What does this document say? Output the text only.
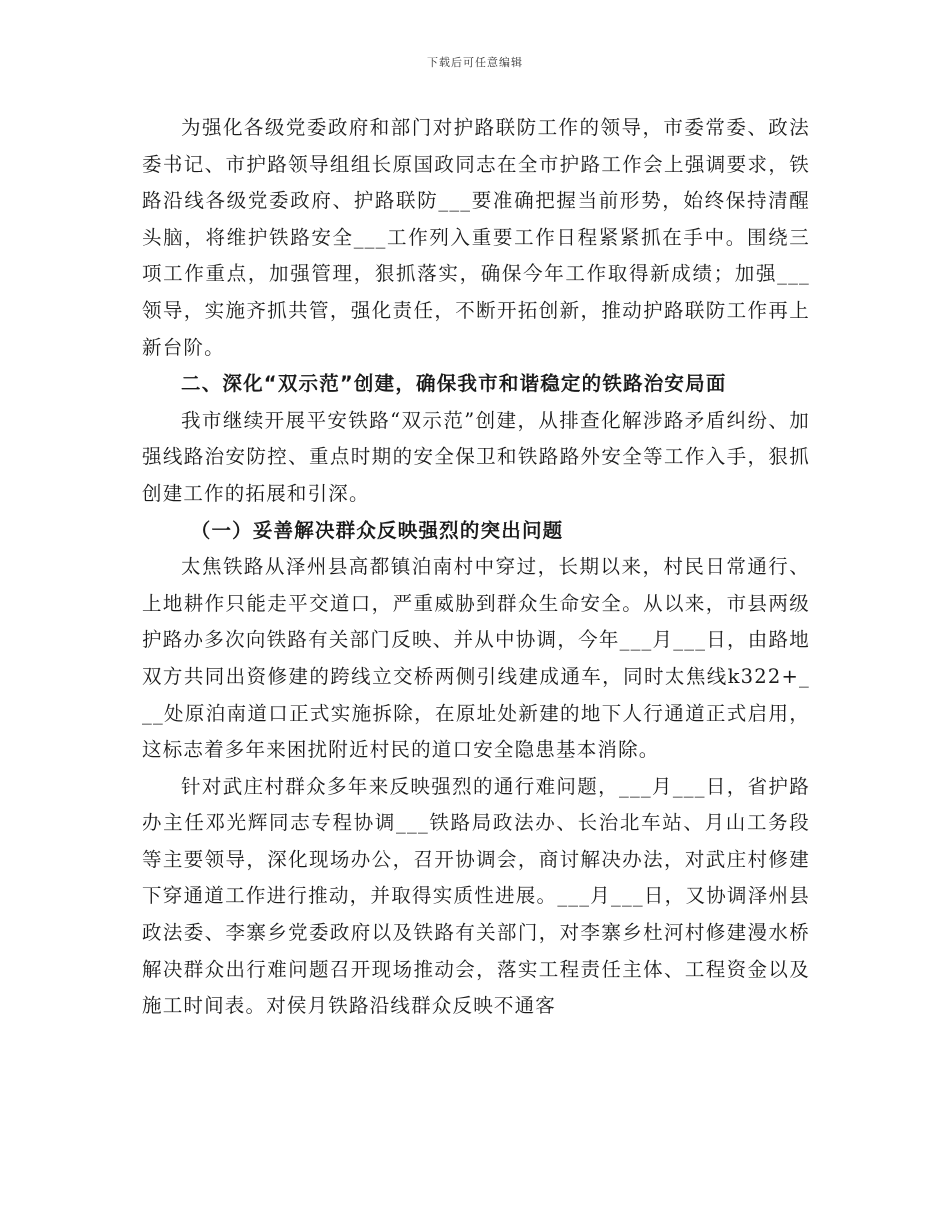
下载后可任意编辑

为强化各级党委政府和部门对护路联防工作的领导，市委常委、政法委书记、市护路领导组组长原国政同志在全市护路工作会上强调要求，铁路沿线各级党委政府、护路联防___要准确把握当前形势，始终保持清醒头脑，将维护铁路安全___工作列入重要工作日程紧紧抓在手中。围绕三项工作重点，加强管理，狠抓落实，确保今年工作取得新成绩；加强___领导，实施齐抓共管，强化责任，不断开拓创新，推动护路联防工作再上新台阶。

二、深化“双示范”创建，确保我市和谐稳定的铁路治安局面

我市继续开展平安铁路“双示范”创建，从排查化解涉路矛盾纠纷、加强线路治安防控、重点时期的安全保卫和铁路路外安全等工作入手，狠抓创建工作的拓展和引深。

（一）妥善解决群众反映强烈的突出问题

太焦铁路从泽州县高都镇泊南村中穿过，长期以来，村民日常通行、上地耕作只能走平交道口，严重威胁到群众生命安全。从以来，市县两级护路办多次向铁路有关部门反映、并从中协调，今年___月___日，由路地双方共同出资修建的跨线立交桥两侧引线建成通车，同时太焦线k322+___处原泊南道口正式实施拆除，在原址处新建的地下人行通道正式启用，这标志着多年来困扰附近村民的道口安全隐患基本消除。

针对武庄村群众多年来反映强烈的通行难问题，___月___日，省护路办主任邓光辉同志专程协调___铁路局政法办、长治北车站、月山工务段等主要领导，深化现场办公，召开协调会，商讨解决办法，对武庄村修建下穿通道工作进行推动，并取得实质性进展。___月___日，又协调泽州县政法委、李寨乡党委政府以及铁路有关部门，对李寨乡杜河村修建漫水桥解决群众出行难问题召开现场推动会，落实工程责任主体、工程资金以及施工时间表。对侯月铁路沿线群众反映不通客
